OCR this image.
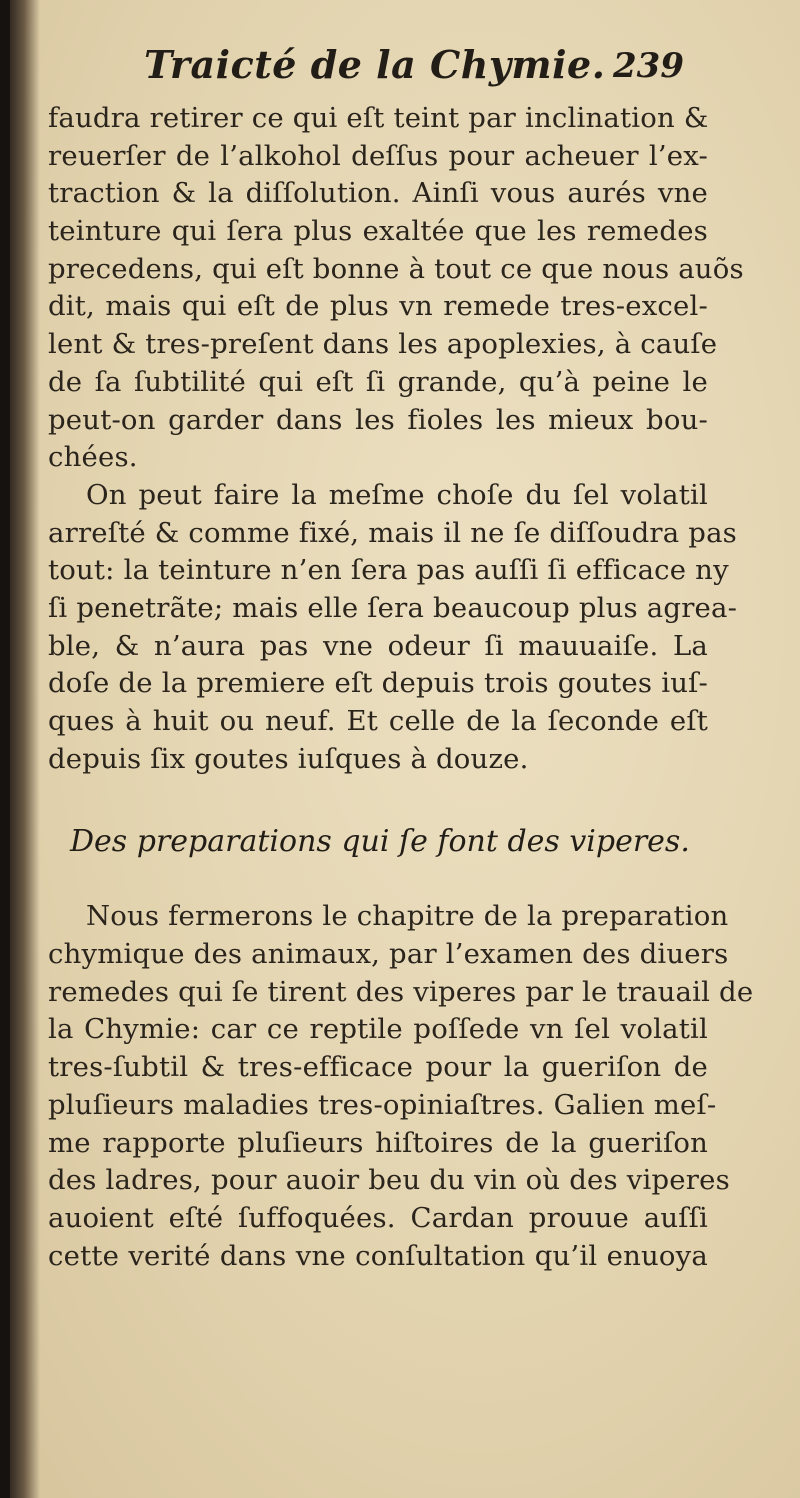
Traicté de la Chymie. 239
faudra retirer ce qui eſt teint par inclination &
reuerſer de l’alkohol deſſus pour acheuer l’ex-
traction & la diſſolution. Ainſi vous aurés vne
teinture qui ſera plus exaltée que les remedes
precedens, qui eſt bonne à tout ce que nous auõs
dit, mais qui eſt de plus vn remede tres-excel-
lent & tres-preſent dans les apoplexies, à cauſe
de ſa ſubtilité qui eſt ſi grande, qu’à peine le
peut-on garder dans les fioles les mieux bou-
chées.
On peut faire la meſme choſe du ſel volatil
arreſté & comme fixé, mais il ne ſe diſſoudra pas
tout: la teinture n’en ſera pas auſſi ſi efficace ny
ſi penetrãte; mais elle ſera beaucoup plus agrea-
ble, & n’aura pas vne odeur ſi mauuaiſe. La
doſe de la premiere eſt depuis trois goutes iuſ-
ques à huit ou neuf. Et celle de la ſeconde eſt
depuis ſix goutes iuſques à douze.
Des preparations qui ſe font des viperes.
Nous fermerons le chapitre de la preparation
chymique des animaux, par l’examen des diuers
remedes qui ſe tirent des viperes par le trauail de
la Chymie: car ce reptile poſſede vn ſel volatil
tres-ſubtil & tres-efficace pour la gueriſon de
pluſieurs maladies tres-opiniaſtres. Galien meſ-
me rapporte pluſieurs hiſtoires de la gueriſon
des ladres, pour auoir beu du vin où des viperes
auoient eſté ſuffoquées. Cardan prouue auſſi
cette verité dans vne conſultation qu’il enuoya
